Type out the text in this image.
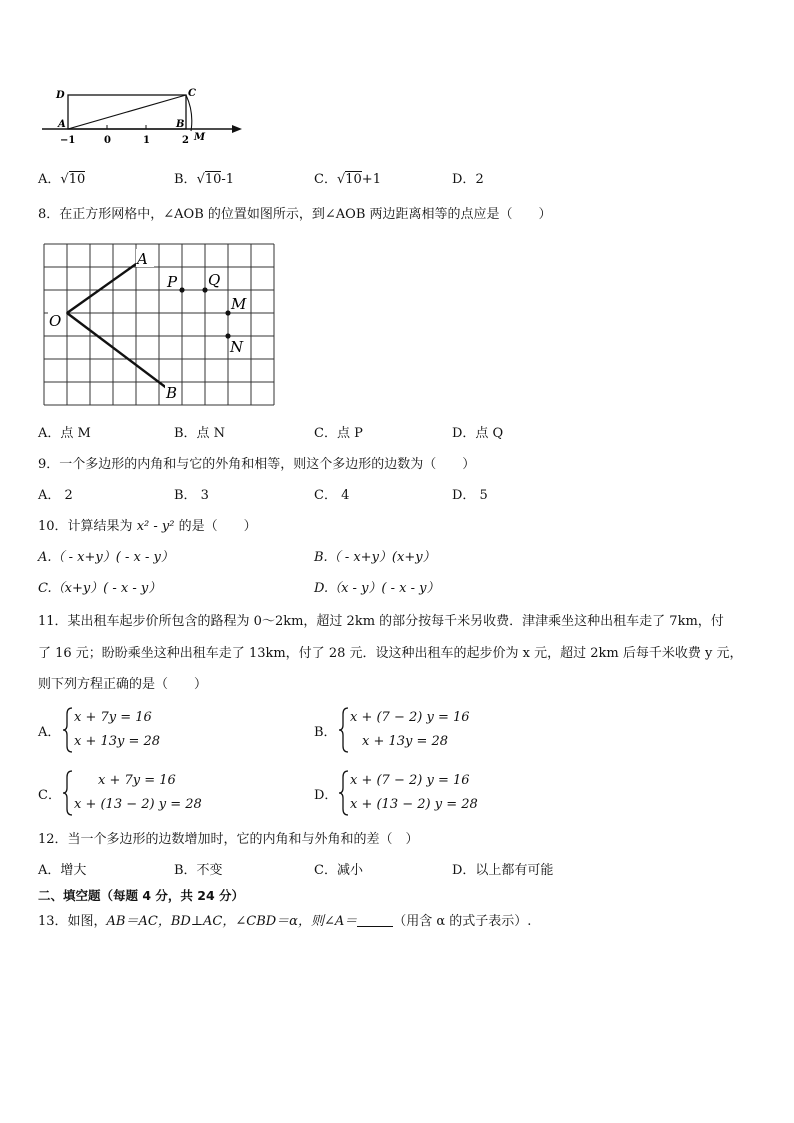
D	C
A	B
M
−1	0	1	2
A．√10	B．√10-1	C．√10+1	D．2
8．在正方形网格中，∠AOB 的位置如图所示，到∠AOB 两边距离相等的点应是（　　）
A
B
O
P Q
M
N
A．点 M	B．点 N	C．点 P	D．点 Q
9．一个多边形的内角和与它的外角和相等，则这个多边形的边数为（　　）
A． 2	B． 3	C． 4	D． 5
10．计算结果为 x² - y² 的是（　　）
A.（ - x+y）( - x - y）	B.（ - x+y）(x+y）
C.（x+y）( - x - y）	D.（x - y）( - x - y）
11．某出租车起步价所包含的路程为 0～2km，超过 2km 的部分按每千米另收费．津津乘坐这种出租车走了 7km，付
了 16 元；盼盼乘坐这种出租车走了 13km，付了 28 元．设这种出租车的起步价为 x 元，超过 2km 后每千米收费 y 元，
则下列方程正确的是（　　）
A．
x + 7y = 16
x + 13y = 28
B．
x + (7 − 2) y = 16
x + 13y = 28
C．
x + 7y = 16
x + (13 − 2) y = 28
D．
x + (7 − 2) y = 16
x + (13 − 2) y = 28
12．当一个多边形的边数增加时，它的内角和与外角和的差（　）
A．增大	B．不变	C．减小	D．以上都有可能
二、填空题（每题 4 分，共 24 分）
13．如图，AB＝AC，BD⊥AC，∠CBD＝α，则∠A＝	（用含 α 的式子表示）.
